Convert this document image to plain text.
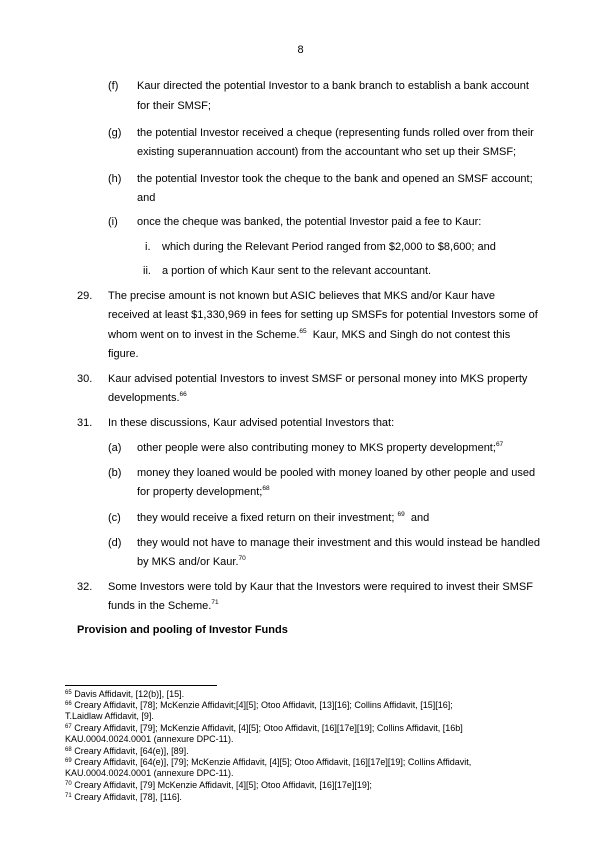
8
(f) Kaur directed the potential Investor to a bank branch to establish a bank account
for their SMSF;
(g) the potential Investor received a cheque (representing funds rolled over from their
existing superannuation account) from the accountant who set up their SMSF;
(h) the potential Investor took the cheque to the bank and opened an SMSF account;
and
(i) once the cheque was banked, the potential Investor paid a fee to Kaur:
i. which during the Relevant Period ranged from $2,000 to $8,600; and
ii. a portion of which Kaur sent to the relevant accountant.
29. The precise amount is not known but ASIC believes that MKS and/or Kaur have
received at least $1,330,969 in fees for setting up SMSFs for potential Investors some of
whom went on to invest in the Scheme.$^{65}$  Kaur, MKS and Singh do not contest this
figure.
30. Kaur advised potential Investors to invest SMSF or personal money into MKS property
developments.$^{66}$
31. In these discussions, Kaur advised potential Investors that:
(a) other people were also contributing money to MKS property development;$^{67}$
(b) money they loaned would be pooled with money loaned by other people and used
for property development;$^{68}$
(c) they would receive a fixed return on their investment; $^{69}$ and
(d) they would not have to manage their investment and this would instead be handled
by MKS and/or Kaur.$^{70}$
32. Some Investors were told by Kaur that the Investors were required to invest their SMSF
funds in the Scheme.$^{71}$
Provision and pooling of Investor Funds
$^{65}$ Davis Affidavit, [12(b)], [15].
$^{66}$ Creary Affidavit, [78]; McKenzie Affidavit;[4][5]; Otoo Affidavit, [13][16]; Collins Affidavit, [15][16];
T.Laidlaw Affidavit, [9].
$^{67}$ Creary Affidavit, [79]; McKenzie Affidavit, [4][5]; Otoo Affidavit, [16][17e][19]; Collins Affidavit, [16b]
KAU.0004.0024.0001 (annexure DPC-11).
$^{68}$ Creary Affidavit, [64(e)], [89].
$^{69}$ Creary Affidavit, [64(e)], [79]; McKenzie Affidavit, [4][5]; Otoo Affidavit, [16][17e][19]; Collins Affidavit,
KAU.0004.0024.0001 (annexure DPC-11).
$^{70}$ Creary Affidavit, [79] McKenzie Affidavit, [4][5]; Otoo Affidavit, [16][17e][19];
$^{71}$ Creary Affidavit, [78], [116].
